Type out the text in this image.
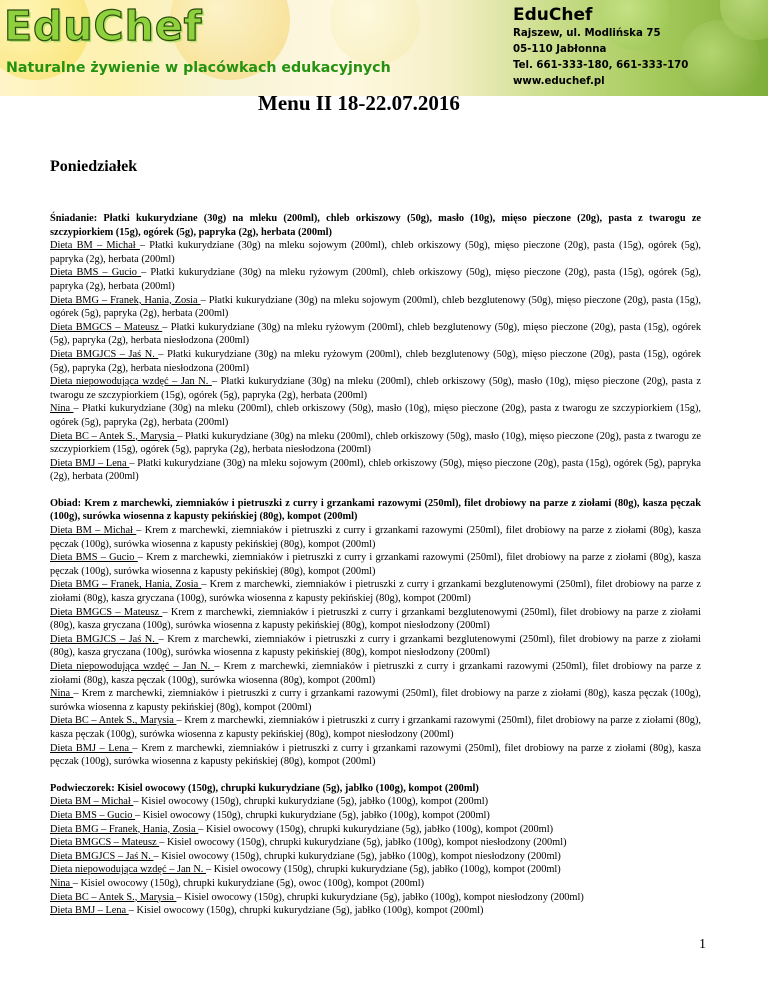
EduChef
Naturalne żywienie w placówkach edukacyjnych
EduChef
Rajszew, ul. Modlińska 75
05-110 Jabłonna
Tel. 661-333-180, 661-333-170
www.educhef.pl
Menu II 18-22.07.2016
Poniedziałek

Śniadanie: Płatki kukurydziane (30g) na mleku (200ml), chleb orkiszowy (50g), masło (10g), mięso pieczone (20g), pasta z twarogu ze szczypiorkiem (15g), ogórek (5g), papryka (2g), herbata (200ml)

Dieta BM – Michał – Płatki kukurydziane (30g) na mleku sojowym (200ml), chleb orkiszowy (50g), mięso pieczone (20g), pasta (15g), ogórek (5g), papryka (2g), herbata (200ml)

Dieta BMS – Gucio – Płatki kukurydziane (30g) na mleku ryżowym (200ml), chleb orkiszowy (50g), mięso pieczone (20g), pasta (15g), ogórek (5g), papryka (2g), herbata (200ml)

Dieta BMG – Franek, Hania, Zosia – Płatki kukurydziane (30g) na mleku sojowym (200ml), chleb bezglutenowy (50g), mięso pieczone (20g), pasta (15g), ogórek (5g), papryka (2g), herbata (200ml)

Dieta BMGCS – Mateusz – Płatki kukurydziane (30g) na mleku ryżowym (200ml), chleb bezglutenowy (50g), mięso pieczone (20g), pasta (15g), ogórek (5g), papryka (2g), herbata niesłodzona (200ml)

Dieta BMGJCS – Jaś N. – Płatki kukurydziane (30g) na mleku ryżowym (200ml), chleb bezglutenowy (50g), mięso pieczone (20g), pasta (15g), ogórek (5g), papryka (2g), herbata niesłodzona (200ml)

Dieta niepowodująca wzdęć – Jan N. – Płatki kukurydziane (30g) na mleku (200ml), chleb orkiszowy (50g), masło (10g), mięso pieczone (20g), pasta z twarogu ze szczypiorkiem (15g), ogórek (5g), papryka (2g), herbata (200ml)

Nina – Płatki kukurydziane (30g) na mleku (200ml), chleb orkiszowy (50g), masło (10g), mięso pieczone (20g), pasta z twarogu ze szczypiorkiem (15g), ogórek (5g), papryka (2g), herbata (200ml)

Dieta BC – Antek S., Marysia – Płatki kukurydziane (30g) na mleku (200ml), chleb orkiszowy (50g), masło (10g), mięso pieczone (20g), pasta z twarogu ze szczypiorkiem (15g), ogórek (5g), papryka (2g), herbata niesłodzona (200ml)

Dieta BMJ – Lena – Płatki kukurydziane (30g) na mleku sojowym (200ml), chleb orkiszowy (50g), mięso pieczone (20g), pasta (15g), ogórek (5g), papryka (2g), herbata (200ml)

Obiad: Krem z marchewki, ziemniaków i pietruszki z curry i grzankami razowymi (250ml), filet drobiowy na parze z ziołami (80g), kasza pęczak (100g), surówka wiosenna z kapusty pekińskiej (80g), kompot (200ml)

Dieta BM – Michał – Krem z marchewki, ziemniaków i pietruszki z curry i grzankami razowymi (250ml), filet drobiowy na parze z ziołami (80g), kasza pęczak (100g), surówka wiosenna z kapusty pekińskiej (80g), kompot (200ml)

Dieta BMS – Gucio – Krem z marchewki, ziemniaków i pietruszki z curry i grzankami razowymi (250ml), filet drobiowy na parze z ziołami (80g), kasza pęczak (100g), surówka wiosenna z kapusty pekińskiej (80g), kompot (200ml)

Dieta BMG – Franek, Hania, Zosia – Krem z marchewki, ziemniaków i pietruszki z curry i grzankami bezglutenowymi (250ml), filet drobiowy na parze z ziołami (80g), kasza gryczana (100g), surówka wiosenna z kapusty pekińskiej (80g), kompot (200ml)

Dieta BMGCS – Mateusz – Krem z marchewki, ziemniaków i pietruszki z curry i grzankami bezglutenowymi (250ml), filet drobiowy na parze z ziołami (80g), kasza gryczana (100g), surówka wiosenna z kapusty pekińskiej (80g), kompot niesłodzony (200ml)

Dieta BMGJCS – Jaś N. – Krem z marchewki, ziemniaków i pietruszki z curry i grzankami bezglutenowymi (250ml), filet drobiowy na parze z ziołami (80g), kasza gryczana (100g), surówka wiosenna z kapusty pekińskiej (80g), kompot niesłodzony (200ml)

Dieta niepowodująca wzdęć – Jan N. – Krem z marchewki, ziemniaków i pietruszki z curry i grzankami razowymi (250ml), filet drobiowy na parze z ziołami (80g), kasza pęczak (100g), surówka wiosenna (80g), kompot (200ml)

Nina – Krem z marchewki, ziemniaków i pietruszki z curry i grzankami razowymi (250ml), filet drobiowy na parze z ziołami (80g), kasza pęczak (100g), surówka wiosenna z kapusty pekińskiej (80g), kompot (200ml)

Dieta BC – Antek S., Marysia – Krem z marchewki, ziemniaków i pietruszki z curry i grzankami razowymi (250ml), filet drobiowy na parze z ziołami (80g), kasza pęczak (100g), surówka wiosenna z kapusty pekińskiej (80g), kompot niesłodzony (200ml)

Dieta BMJ – Lena – Krem z marchewki, ziemniaków i pietruszki z curry i grzankami razowymi (250ml), filet drobiowy na parze z ziołami (80g), kasza pęczak (100g), surówka wiosenna z kapusty pekińskiej (80g), kompot (200ml)

Podwieczorek: Kisiel owocowy (150g), chrupki kukurydziane (5g), jabłko (100g), kompot (200ml)

Dieta BM – Michał – Kisiel owocowy (150g), chrupki kukurydziane (5g), jabłko (100g), kompot (200ml)

Dieta BMS – Gucio – Kisiel owocowy (150g), chrupki kukurydziane (5g), jabłko (100g), kompot (200ml)

Dieta BMG – Franek, Hania, Zosia – Kisiel owocowy (150g), chrupki kukurydziane (5g), jabłko (100g), kompot (200ml)

Dieta BMGCS – Mateusz – Kisiel owocowy (150g), chrupki kukurydziane (5g), jabłko (100g), kompot niesłodzony (200ml)

Dieta BMGJCS – Jaś N. – Kisiel owocowy (150g), chrupki kukurydziane (5g), jabłko (100g), kompot niesłodzony (200ml)

Dieta niepowodująca wzdęć – Jan N. – Kisiel owocowy (150g), chrupki kukurydziane (5g), jabłko (100g), kompot (200ml)

Nina – Kisiel owocowy (150g), chrupki kukurydziane (5g), owoc (100g), kompot (200ml)

Dieta BC – Antek S., Marysia – Kisiel owocowy (150g), chrupki kukurydziane (5g), jabłko (100g), kompot niesłodzony (200ml)

Dieta BMJ – Lena – Kisiel owocowy (150g), chrupki kukurydziane (5g), jabłko (100g), kompot (200ml)

1
